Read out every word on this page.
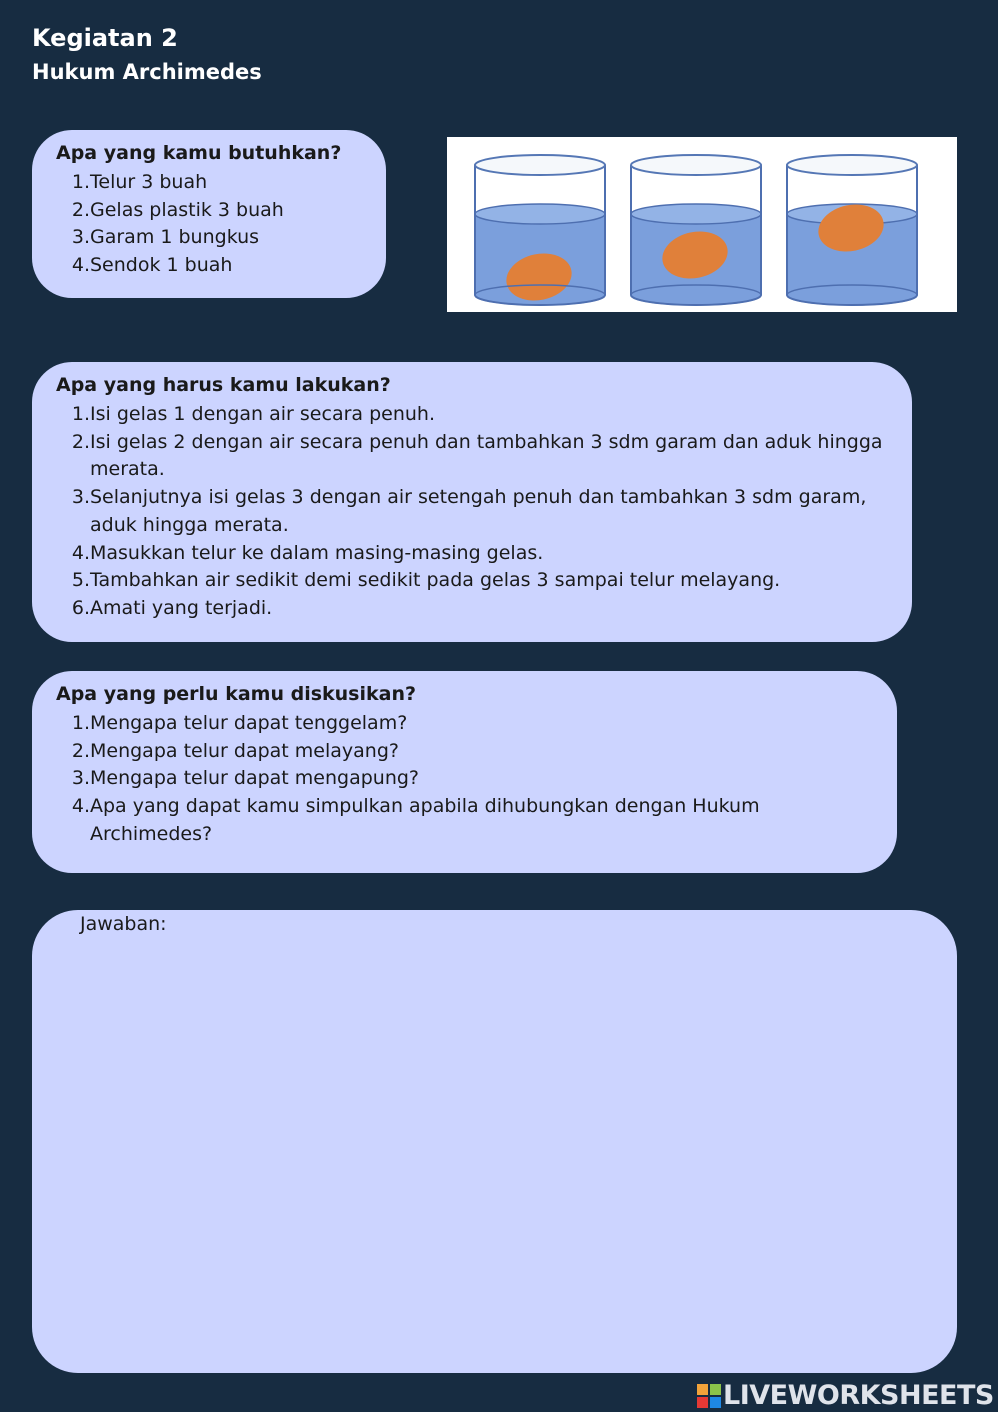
Kegiatan 2
Hukum Archimedes
Apa yang kamu butuhkan?
1. Telur 3 buah
2. Gelas plastik 3 buah
3. Garam 1 bungkus
4. Sendok 1 buah
Apa yang harus kamu lakukan?
1. Isi gelas 1 dengan air secara penuh.
2. Isi gelas 2 dengan air secara penuh dan tambahkan 3 sdm garam dan aduk hingga merata.
3. Selanjutnya isi gelas 3 dengan air setengah penuh dan tambahkan 3 sdm garam, aduk hingga merata.
4. Masukkan telur ke dalam masing-masing gelas.
5. Tambahkan air sedikit demi sedikit pada gelas 3 sampai telur melayang.
6. Amati yang terjadi.
Apa yang perlu kamu diskusikan?
1. Mengapa telur dapat tenggelam?
2. Mengapa telur dapat melayang?
3. Mengapa telur dapat mengapung?
4. Apa yang dapat kamu simpulkan apabila dihubungkan dengan Hukum Archimedes?
Jawaban:
LIVEWORKSHEETS
